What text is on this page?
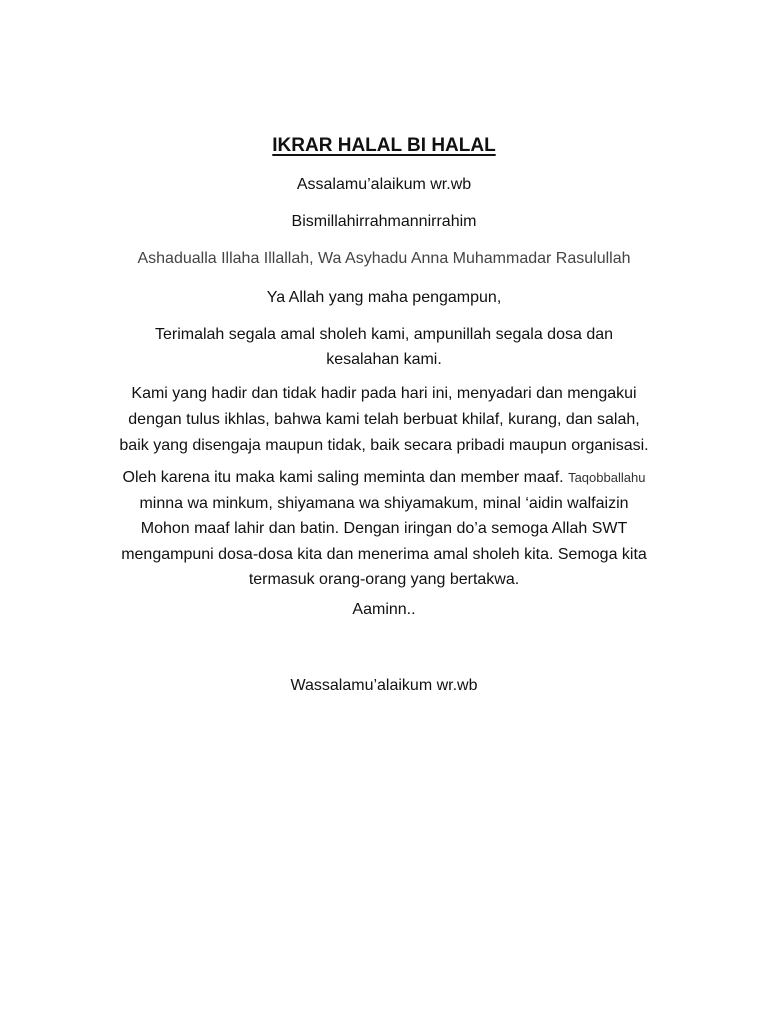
IKRAR HALAL BI HALAL

Assalamu’alaikum wr.wb

Bismillahirrahmannirrahim

Ashadualla Illaha Illallah, Wa Asyhadu Anna Muhammadar Rasulullah

Ya Allah yang maha pengampun,

Terimalah segala amal sholeh kami, ampunillah segala dosa dan
kesalahan kami.
Kami yang hadir dan tidak hadir pada hari ini, menyadari dan mengakui
dengan tulus ikhlas, bahwa kami telah berbuat khilaf, kurang, dan salah,
baik yang disengaja maupun tidak, baik secara pribadi maupun organisasi.
Oleh karena itu maka kami saling meminta dan member maaf. Taqobballahu
minna wa minkum, shiyamana wa shiyamakum, minal ‘aidin walfaizin
Mohon maaf lahir dan batin. Dengan iringan do’a semoga Allah SWT
mengampuni dosa-dosa kita dan menerima amal sholeh kita. Semoga kita
termasuk orang-orang yang bertakwa.

Aaminn..

Wassalamu’alaikum wr.wb
